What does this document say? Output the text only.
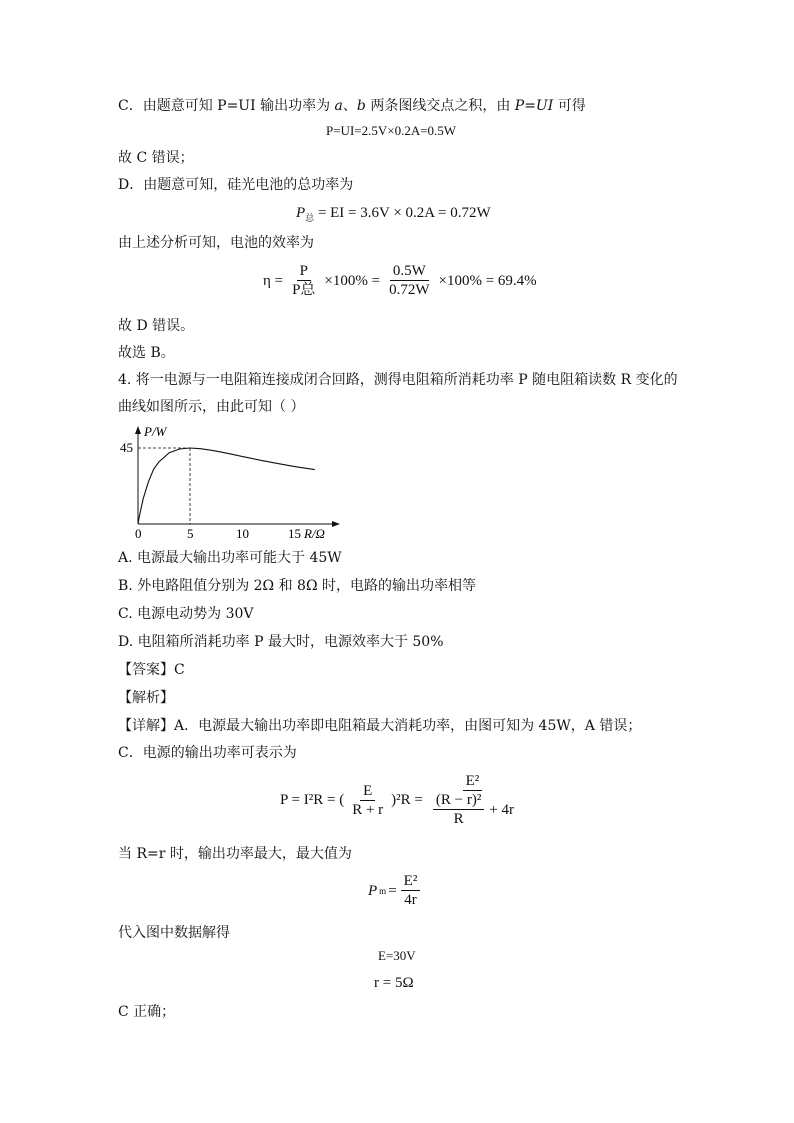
C．由题意可知 P=UI 输出功率为 a、b 两条图线交点之积，由 P=UI 可得
P=UI=2.5V×0.2A=0.5W
故 C 错误；
D．由题意可知，硅光电池的总功率为
$P_总$ = EI = 3.6V × 0.2A = 0.72W
由上述分析可知，电池的效率为
$\eta = \frac{P}{\text{P总}} \times 100\% = \frac{0.5W}{0.72W} \times 100\% = 69.4\%$
故 D 错误。
故选 B。
4. 将一电源与一电阻箱连接成闭合回路，测得电阻箱所消耗功率 P 随电阻箱读数 R 变化的
曲线如图所示，由此可知（ ）
P/W
R/Ω
0	5	10	15
45
A. 电源最大输出功率可能大于 45W
B. 外电路阻值分别为 2Ω 和 8Ω 时，电路的输出功率相等
C. 电源电动势为 30V
D. 电阻箱所消耗功率 P 最大时，电源效率大于 50%
【答案】C
【解析】
【详解】A．电源最大输出功率即电阻箱最大消耗功率，由图可知为 45W，A 错误；
C．电源的输出功率可表示为
P = I²R = ( $\frac{E}{R + r} )^2R = \frac{\text{E²}}{\frac{\text{(R − r)²}}{R} + 4r}$
当 R=r 时，输出功率最大，最大值为
P $m = \frac{\text{E²}}{4r}$
代入图中数据解得
E=30V
r = 5Ω
C 正确；
